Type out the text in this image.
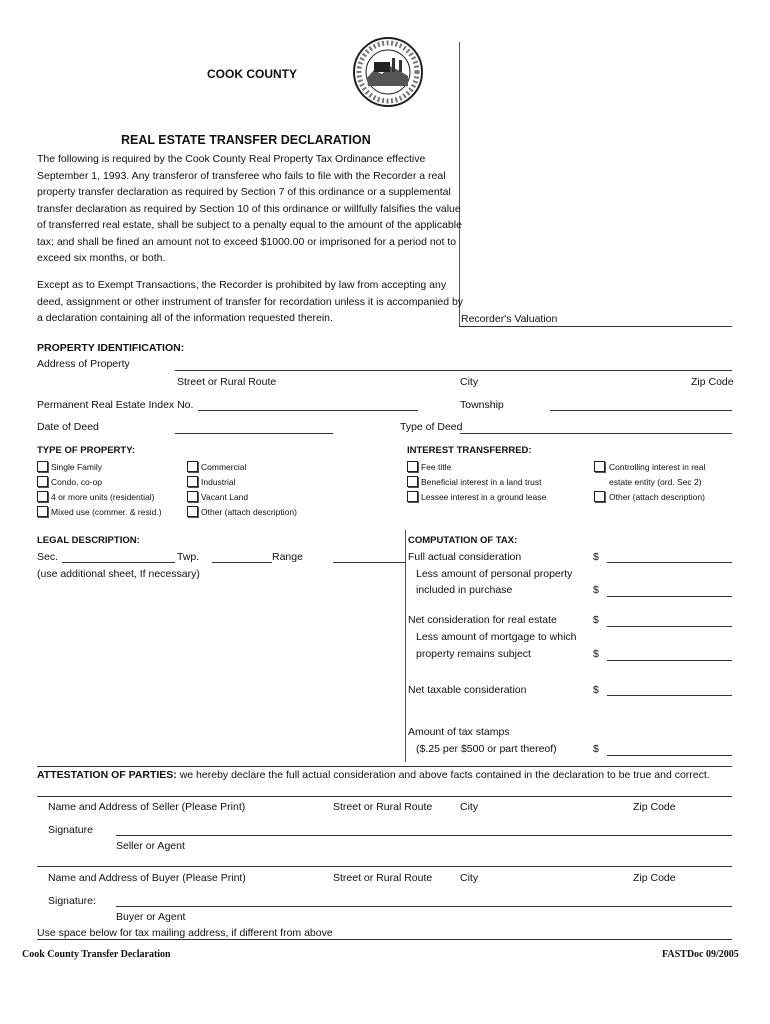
COOK COUNTY
REAL ESTATE TRANSFER DECLARATION
The following is required by the Cook County Real Property Tax Ordinance effective
September 1, 1993. Any transferor of transferee who fails to file with the Recorder a real
property transfer declaration as required by Section 7 of this ordinance or a supplemental
transfer declaration as required by Section 10 of this ordinance or willfully falsifies the value
of transferred real estate, shall be subject to a penalty equal to the amount of the applicable
tax; and shall be fined an amount not to exceed $1000.00 or imprisoned for a period not to
exceed six months, or both.
Except as to Exempt Transactions, the Recorder is prohibited by law from accepting any
deed, assignment or other instrument of transfer for recordation unless it is accompanied by
a declaration containing all of the information requested therein.	Recorder's Valuation
PROPERTY IDENTIFICATION:
Address of Property
Street or Rural Route	City	Zip Code
Permanent Real Estate Index No.	Township
Date of Deed	Type of Deed
TYPE OF PROPERTY:
Single Family
Condo, co-op
4 or more units (residential)
Mixed use (commer. & resid.)
Commercial
Industrial
Vacant Land
Other (attach description)
INTEREST TRANSFERRED:
Fee title
Beneficial interest in a land trust
Lessee interest in a ground lease
Controlling interest in real
estate entity (ord. Sec 2)
Other (attach description)
LEGAL DESCRIPTION:
Sec.	Twp.	Range
(use additional sheet, If necessary)
COMPUTATION OF TAX:
Full actual consideration	$
Less amount of personal property
included in purchase	$
Net consideration for real estate	$
Less amount of mortgage to which
property remains subject	$
Net taxable consideration	$
Amount of tax stamps
($.25 per $500 or part thereof)	$
ATTESTATION OF PARTIES: we hereby declare the full actual consideration and above facts contained in the declaration to be true and correct.
Name and Address of Seller (Please Print)	Street or Rural Route	City	Zip Code
Signature
Seller or Agent
Name and Address of Buyer (Please Print)	Street or Rural Route	City	Zip Code
Signature:
Buyer or Agent
Use space below for tax mailing address, if different from above
Cook County Transfer Declaration	FASTDoc 09/2005
